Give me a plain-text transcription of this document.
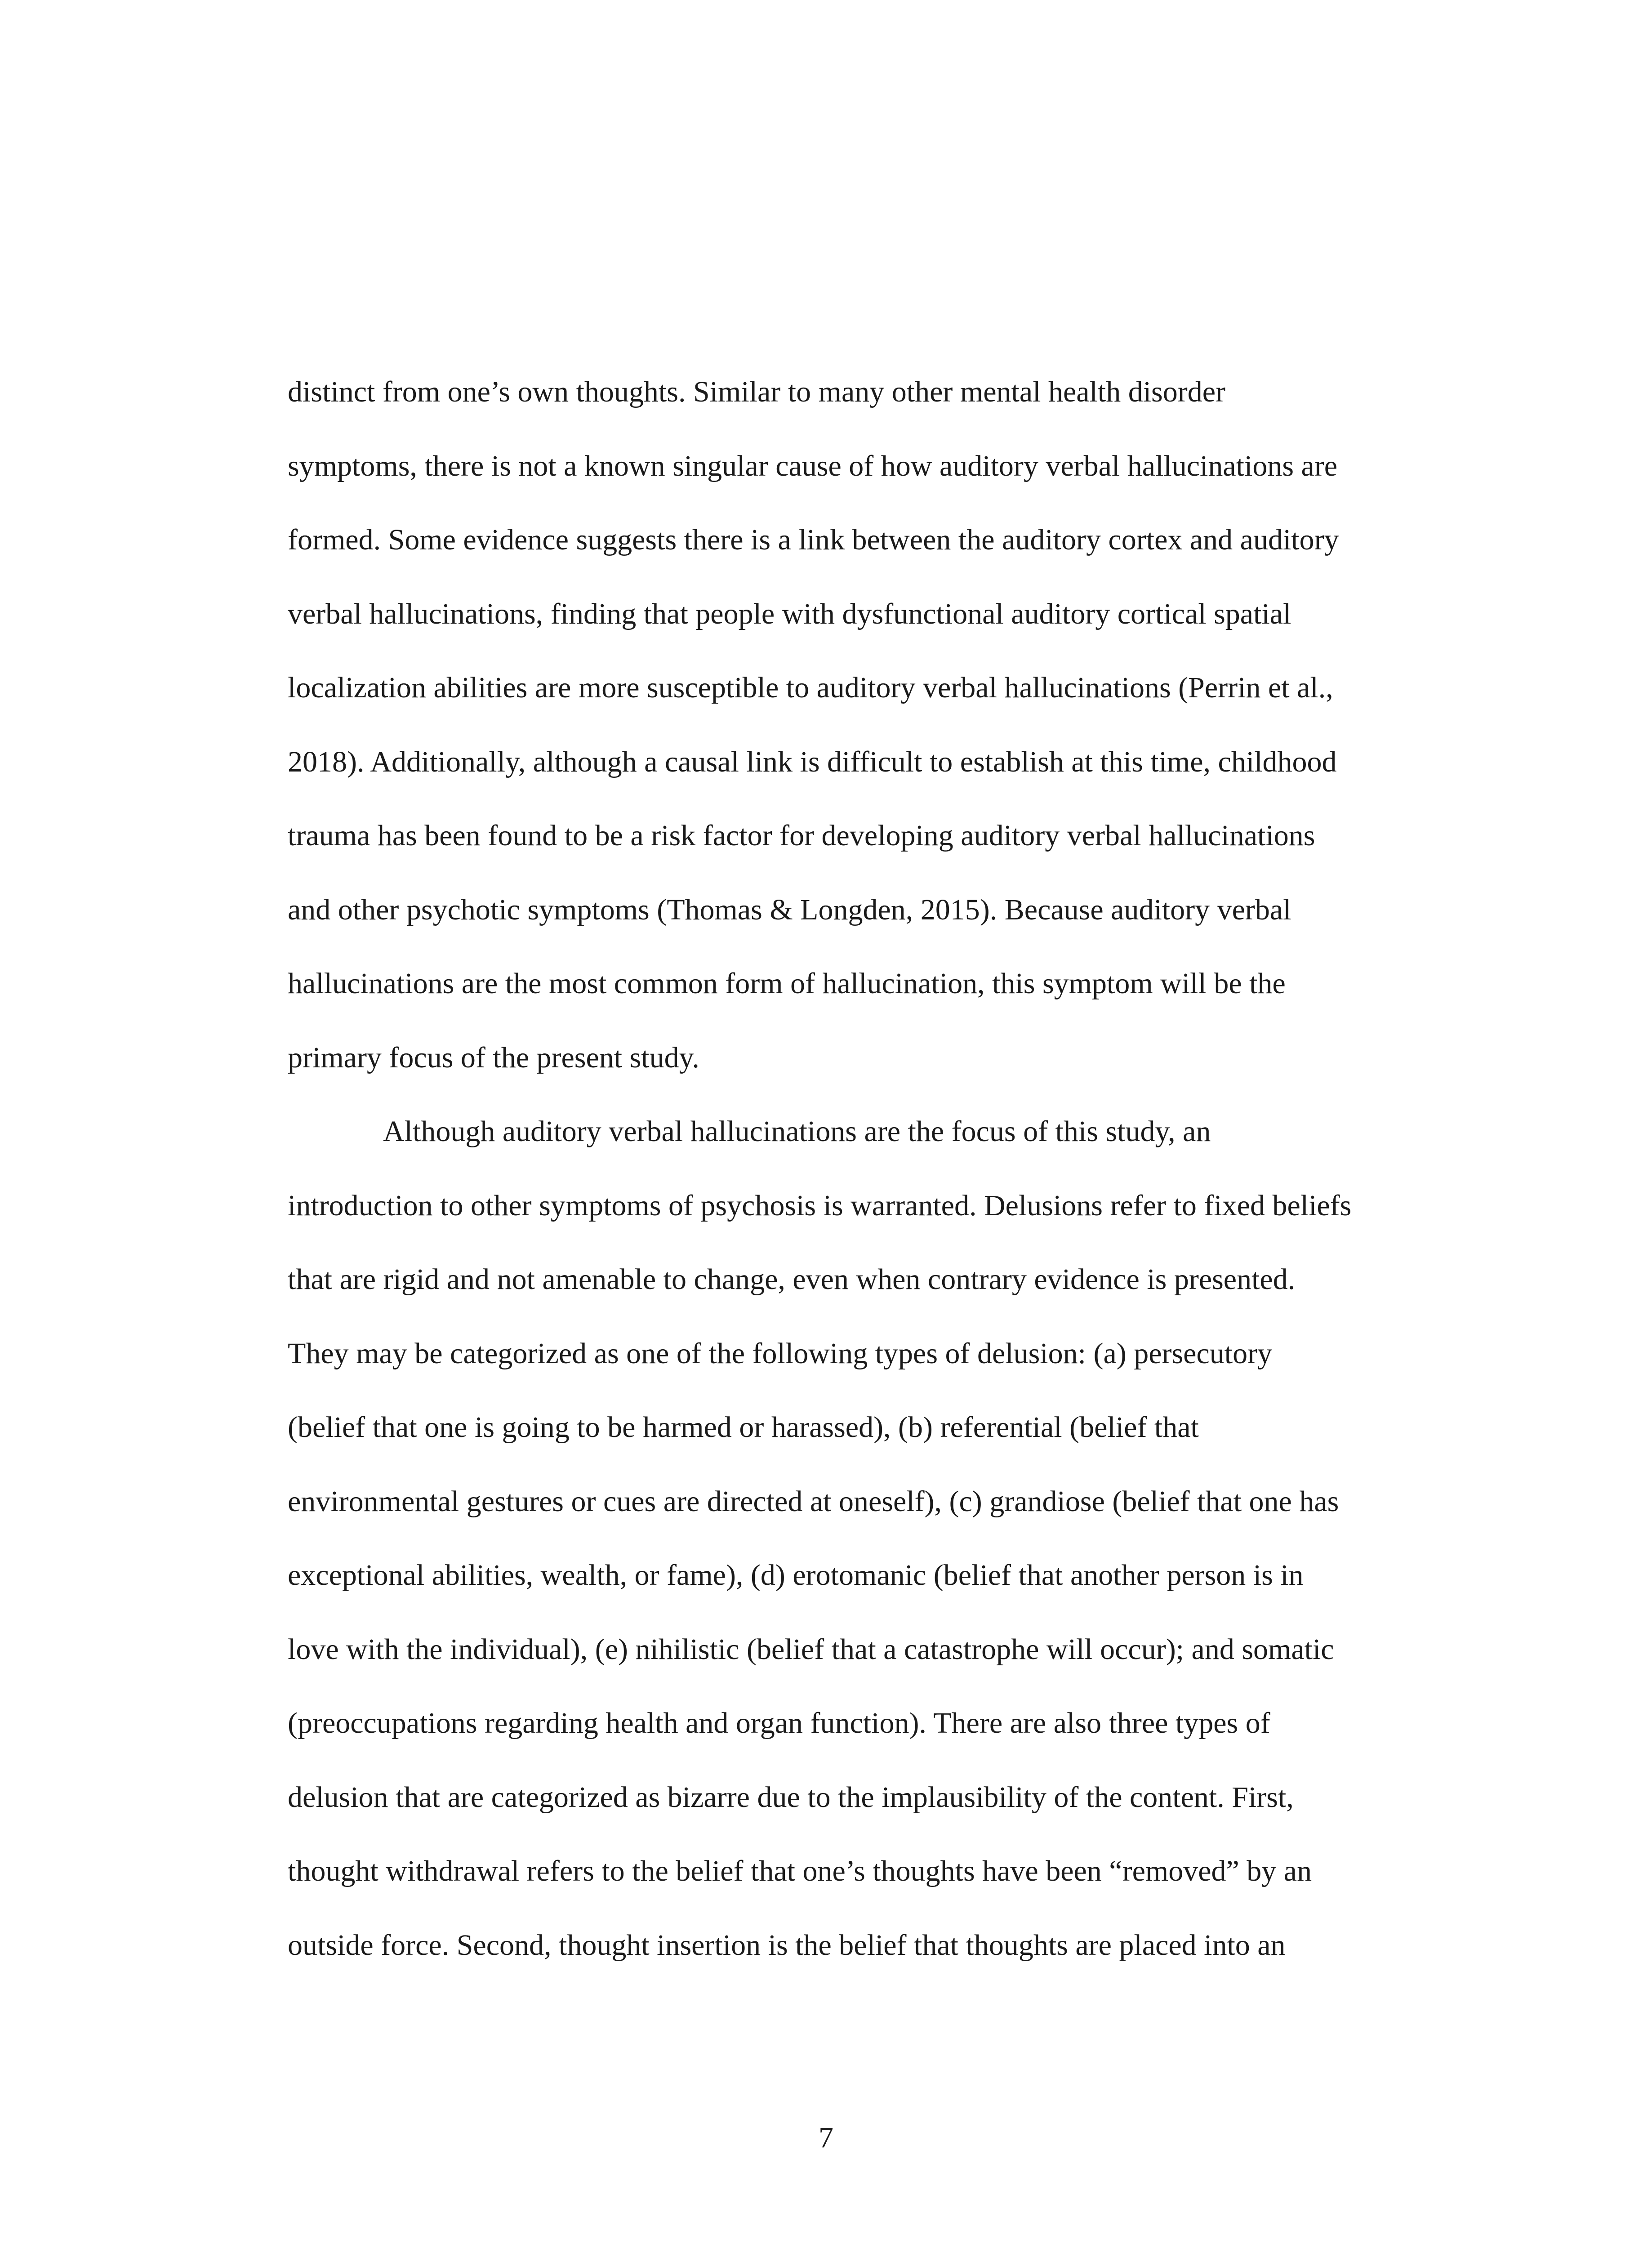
distinct from one’s own thoughts. Similar to many other mental health disorder
symptoms, there is not a known singular cause of how auditory verbal hallucinations are
formed. Some evidence suggests there is a link between the auditory cortex and auditory
verbal hallucinations, finding that people with dysfunctional auditory cortical spatial
localization abilities are more susceptible to auditory verbal hallucinations (Perrin et al.,
2018). Additionally, although a causal link is difficult to establish at this time, childhood
trauma has been found to be a risk factor for developing auditory verbal hallucinations
and other psychotic symptoms (Thomas & Longden, 2015). Because auditory verbal
hallucinations are the most common form of hallucination, this symptom will be the
primary focus of the present study.
Although auditory verbal hallucinations are the focus of this study, an
introduction to other symptoms of psychosis is warranted. Delusions refer to fixed beliefs
that are rigid and not amenable to change, even when contrary evidence is presented.
They may be categorized as one of the following types of delusion: (a) persecutory
(belief that one is going to be harmed or harassed), (b) referential (belief that
environmental gestures or cues are directed at oneself), (c) grandiose (belief that one has
exceptional abilities, wealth, or fame), (d) erotomanic (belief that another person is in
love with the individual), (e) nihilistic (belief that a catastrophe will occur); and somatic
(preoccupations regarding health and organ function). There are also three types of
delusion that are categorized as bizarre due to the implausibility of the content. First,
thought withdrawal refers to the belief that one’s thoughts have been “removed” by an
outside force. Second, thought insertion is the belief that thoughts are placed into an
7
